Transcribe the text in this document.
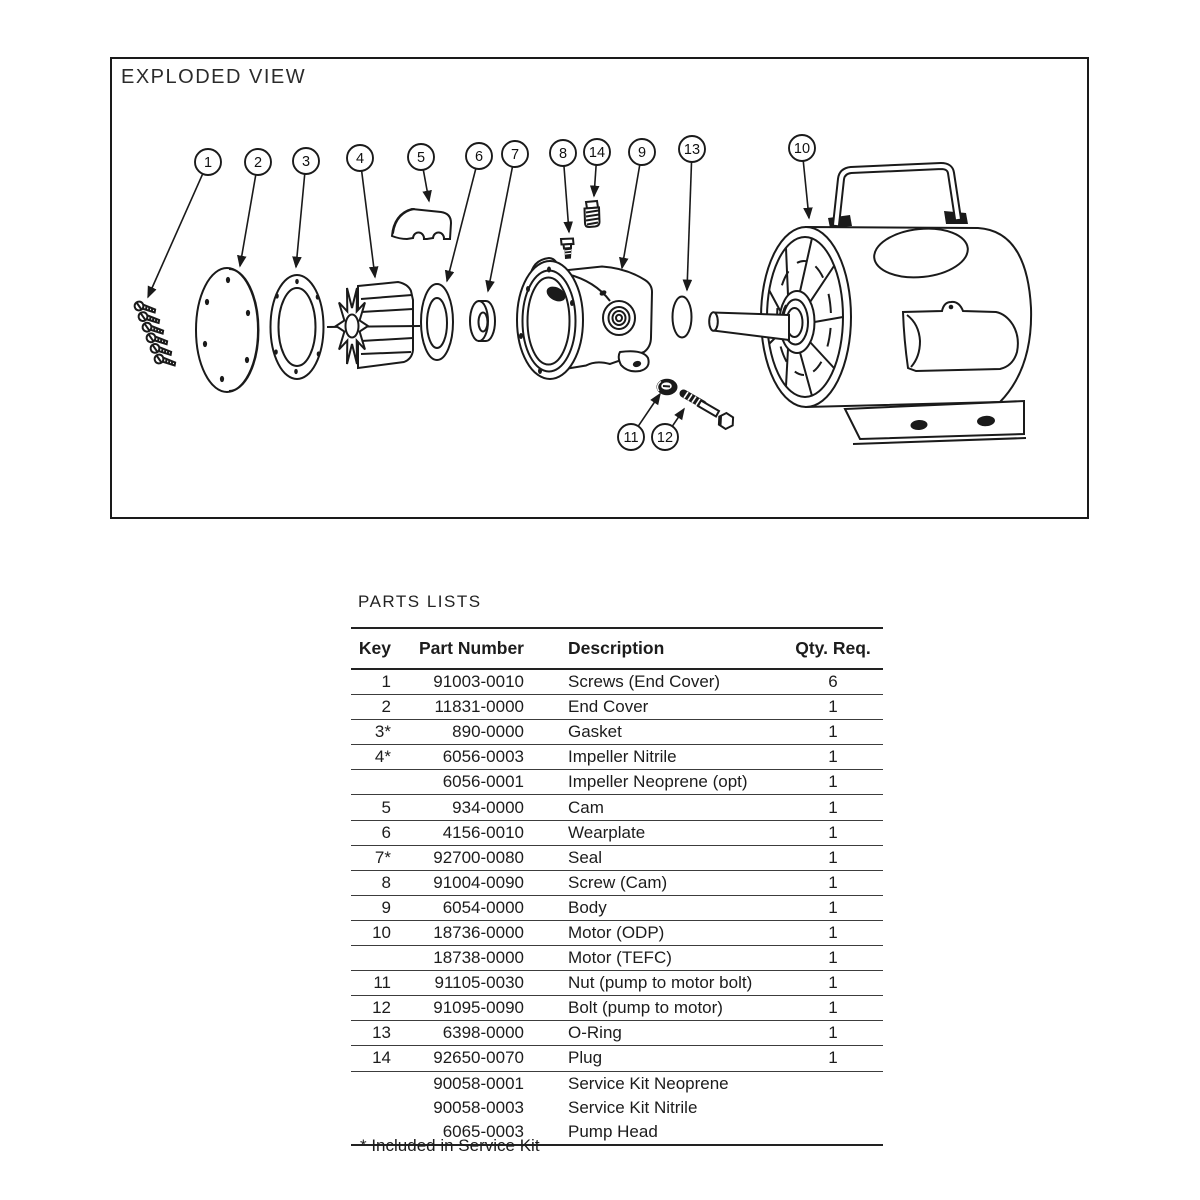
1	2	3	4	5	6 7	8 14 9	13	10
11 12
EXPLODED VIEW
PARTS LISTS
Key	Part Number	Description	Qty. Req.
1	91003-0010	Screws (End Cover)	6
2	11831-0000	End Cover	1
3*	890-0000	Gasket	1
4*	6056-0003	Impeller Nitrile	1
6056-0001	Impeller Neoprene (opt)	1
5	934-0000	Cam	1
6	4156-0010	Wearplate	1
7*	92700-0080	Seal	1
8	91004-0090	Screw (Cam)	1
9	6054-0000	Body	1
10	18736-0000	Motor (ODP)	1
18738-0000	Motor (TEFC)	1
11	91105-0030	Nut (pump to motor bolt)	1
12	91095-0090	Bolt (pump to motor)	1
13	6398-0000	O-Ring	1
14	92650-0070	Plug	1
90058-0001	Service Kit Neoprene
90058-0003	Service Kit Nitrile
6065-0003	Pump Head
* Included in Service Kit
